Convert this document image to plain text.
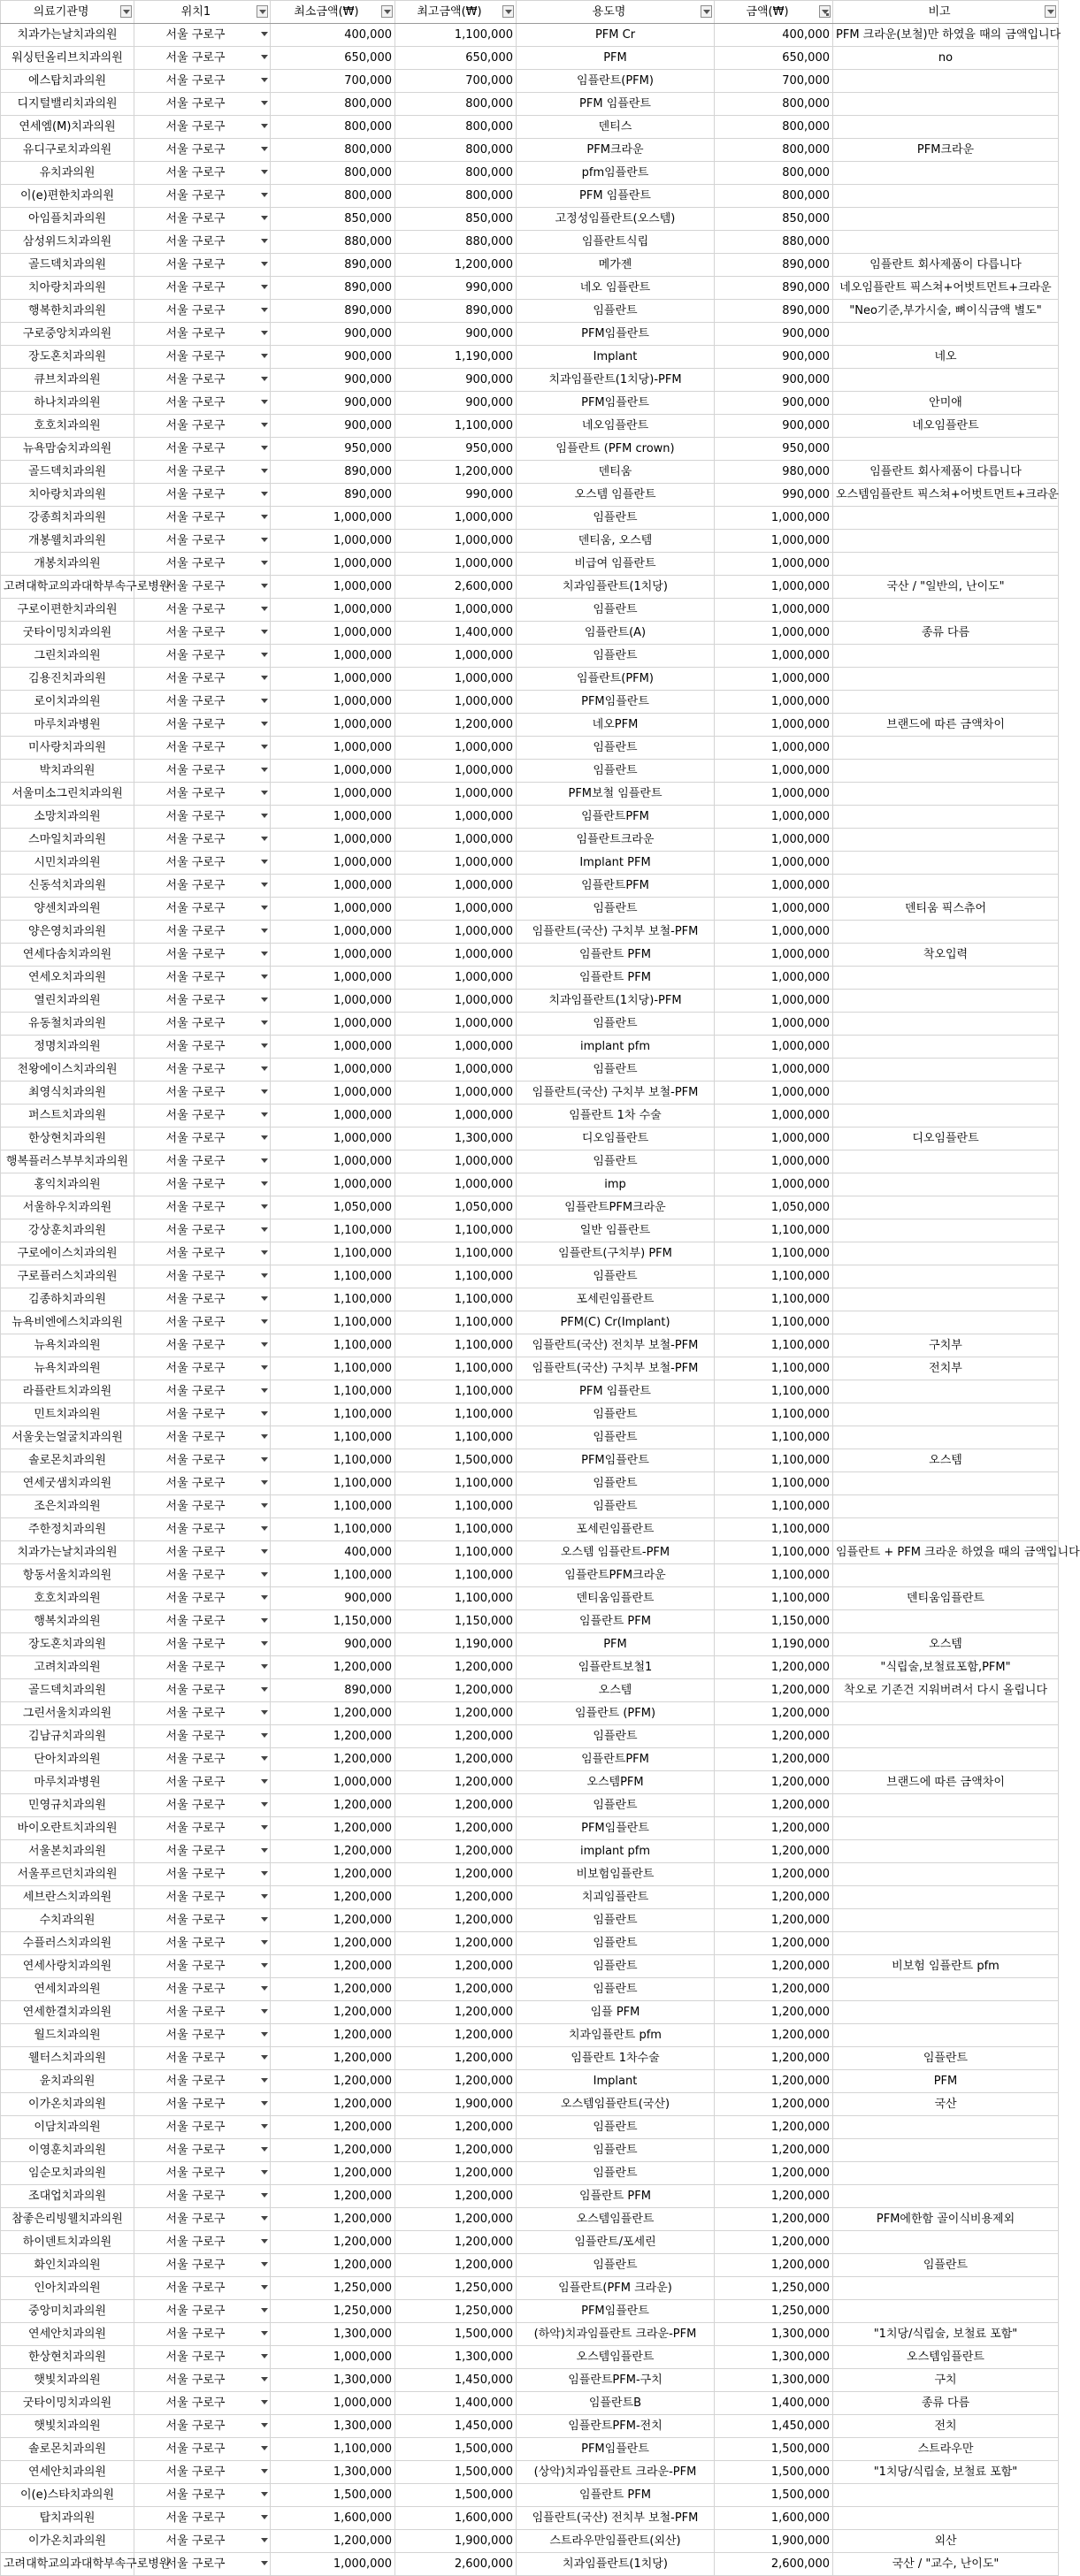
의료기관명	위치1	최소금액(₩)	최고금액(₩)	용도명	금액(₩)	비고

치과가는날치과의원	서울 구로구	400,000	1,100,000	PFM Cr	400,000	PFM 크라운(보철)만 하였을 때의 금액입니다
워싱턴올리브치과의원	서울 구로구	650,000	650,000	PFM	650,000	no
에스탑치과의원	서울 구로구	700,000	700,000	임플란트(PFM)	700,000	
디지털밸리치과의원	서울 구로구	800,000	800,000	PFM 임플란트	800,000	
연세엠(M)치과의원	서울 구로구	800,000	800,000	덴티스	800,000	
유디구로치과의원	서울 구로구	800,000	800,000	PFM크라운	800,000	PFM크라운
유치과의원	서울 구로구	800,000	800,000	pfm임플란트	800,000	
이(e)편한치과의원	서울 구로구	800,000	800,000	PFM 임플란트	800,000	
아임플치과의원	서울 구로구	850,000	850,000	고정성임플란트(오스템)	850,000	
삼성위드치과의원	서울 구로구	880,000	880,000	임플란트식립	880,000	
골드덱치과의원	서울 구로구	890,000	1,200,000	메가젠	890,000	임플란트 회사제품이 다릅니다
치아랑치과의원	서울 구로구	890,000	990,000	네오 임플란트	890,000	네오임플란트 픽스쳐+어벗트먼트+크라운
행복한치과의원	서울 구로구	890,000	890,000	임플란트	890,000	"Neo기준,부가시술, 뼈이식금액 별도"
구로중앙치과의원	서울 구로구	900,000	900,000	PFM임플란트	900,000	
장도혼치과의원	서울 구로구	900,000	1,190,000	Implant	900,000	네오
큐브치과의원	서울 구로구	900,000	900,000	치과임플란트(1치당)-PFM	900,000	
하나치과의원	서울 구로구	900,000	900,000	PFM임플란트	900,000	안미애
호호치과의원	서울 구로구	900,000	1,100,000	네오임플란트	900,000	네오임플란트
뉴욕맘숨치과의원	서울 구로구	950,000	950,000	임플란트 (PFM crown)	950,000	
골드덱치과의원	서울 구로구	890,000	1,200,000	덴티움	980,000	임플란트 회사제품이 다릅니다
치아랑치과의원	서울 구로구	890,000	990,000	오스템 임플란트	990,000	오스템임플란트 픽스쳐+어벗트먼트+크라운
강종희치과의원	서울 구로구	1,000,000	1,000,000	임플란트	1,000,000	
개봉웰치과의원	서울 구로구	1,000,000	1,000,000	덴티움, 오스템	1,000,000	
개봉치과의원	서울 구로구	1,000,000	1,000,000	비급여 임플란트	1,000,000	
고려대학교의과대학부속구로병원	서울 구로구	1,000,000	2,600,000	치과임플란트(1치당)	1,000,000	국산 / "일반의, 난이도"
구로이편한치과의원	서울 구로구	1,000,000	1,000,000	임플란트	1,000,000	
굿타이밍치과의원	서울 구로구	1,000,000	1,400,000	임플란트(A)	1,000,000	종류 다름
그린치과의원	서울 구로구	1,000,000	1,000,000	임플란트	1,000,000	
김용진치과의원	서울 구로구	1,000,000	1,000,000	임플란트(PFM)	1,000,000	
로이치과의원	서울 구로구	1,000,000	1,000,000	PFM임플란트	1,000,000	
마루치과병원	서울 구로구	1,000,000	1,200,000	네오PFM	1,000,000	브랜드에 따른 금액차이
미사랑치과의원	서울 구로구	1,000,000	1,000,000	임플란트	1,000,000	
박치과의원	서울 구로구	1,000,000	1,000,000	임플란트	1,000,000	
서울미소그린치과의원	서울 구로구	1,000,000	1,000,000	PFM보철 임플란트	1,000,000	
소망치과의원	서울 구로구	1,000,000	1,000,000	임플란트PFM	1,000,000	
스마일치과의원	서울 구로구	1,000,000	1,000,000	임플란트크라운	1,000,000	
시민치과의원	서울 구로구	1,000,000	1,000,000	Implant PFM	1,000,000	
신동석치과의원	서울 구로구	1,000,000	1,000,000	임플란트PFM	1,000,000	
양센치과의원	서울 구로구	1,000,000	1,000,000	임플란트	1,000,000	덴티움 픽스츄어
양은영치과의원	서울 구로구	1,000,000	1,000,000	임플란트(국산) 구치부 보철-PFM	1,000,000	
연세다솜치과의원	서울 구로구	1,000,000	1,000,000	임플란트 PFM	1,000,000	착오입력
연세오치과의원	서울 구로구	1,000,000	1,000,000	임플란트 PFM	1,000,000	
열린치과의원	서울 구로구	1,000,000	1,000,000	치과임플란트(1치당)-PFM	1,000,000	
유동철치과의원	서울 구로구	1,000,000	1,000,000	임플란트	1,000,000	
정명치과의원	서울 구로구	1,000,000	1,000,000	implant pfm	1,000,000	
천왕에이스치과의원	서울 구로구	1,000,000	1,000,000	임플란트	1,000,000	
최영식치과의원	서울 구로구	1,000,000	1,000,000	임플란트(국산) 구치부 보철-PFM	1,000,000	
퍼스트치과의원	서울 구로구	1,000,000	1,000,000	임플란트 1차 수술	1,000,000	
한상현치과의원	서울 구로구	1,000,000	1,300,000	디오임플란트	1,000,000	디오임플란트
행복플러스부부치과의원	서울 구로구	1,000,000	1,000,000	임플란트	1,000,000	
홍익치과의원	서울 구로구	1,000,000	1,000,000	imp	1,000,000	
서울하우치과의원	서울 구로구	1,050,000	1,050,000	임플란트PFM크라운	1,050,000	
강상훈치과의원	서울 구로구	1,100,000	1,100,000	일반 임플란트	1,100,000	
구로에이스치과의원	서울 구로구	1,100,000	1,100,000	임플란트(구치부) PFM	1,100,000	
구로플러스치과의원	서울 구로구	1,100,000	1,100,000	임플란트	1,100,000	
김종하치과의원	서울 구로구	1,100,000	1,100,000	포세린임플란트	1,100,000	
뉴욕비엔에스치과의원	서울 구로구	1,100,000	1,100,000	PFM(C) Cr(Implant)	1,100,000	
뉴욕치과의원	서울 구로구	1,100,000	1,100,000	임플란트(국산) 전치부 보철-PFM	1,100,000	구치부
뉴욕치과의원	서울 구로구	1,100,000	1,100,000	임플란트(국산) 구치부 보철-PFM	1,100,000	전치부
라플란트치과의원	서울 구로구	1,100,000	1,100,000	PFM 임플란트	1,100,000	
민트치과의원	서울 구로구	1,100,000	1,100,000	임플란트	1,100,000	
서울웃는얼굴치과의원	서울 구로구	1,100,000	1,100,000	임플란트	1,100,000	
솔로몬치과의원	서울 구로구	1,100,000	1,500,000	PFM임플란트	1,100,000	오스템
연세굿샘치과의원	서울 구로구	1,100,000	1,100,000	임플란트	1,100,000	
조은치과의원	서울 구로구	1,100,000	1,100,000	임플란트	1,100,000	
주한정치과의원	서울 구로구	1,100,000	1,100,000	포세린임플란트	1,100,000	
치과가는날치과의원	서울 구로구	400,000	1,100,000	오스템 임플란트-PFM	1,100,000	임플란트 + PFM 크라운 하였을 때의 금액입니다
항동서울치과의원	서울 구로구	1,100,000	1,100,000	임플란트PFM크라운	1,100,000	
호호치과의원	서울 구로구	900,000	1,100,000	덴티움임플란트	1,100,000	덴티움임플란트
행복치과의원	서울 구로구	1,150,000	1,150,000	임플란트 PFM	1,150,000	
장도혼치과의원	서울 구로구	900,000	1,190,000	PFM	1,190,000	오스템
고려치과의원	서울 구로구	1,200,000	1,200,000	임플란트보철1	1,200,000	"식립술,보철료포함,PFM"
골드덱치과의원	서울 구로구	890,000	1,200,000	오스템	1,200,000	착오로 기존건 지워버려서 다시 올립니다
그린서울치과의원	서울 구로구	1,200,000	1,200,000	임플란트 (PFM)	1,200,000	
김남규치과의원	서울 구로구	1,200,000	1,200,000	임플란트	1,200,000	
단아치과의원	서울 구로구	1,200,000	1,200,000	임플란트PFM	1,200,000	
마루치과병원	서울 구로구	1,000,000	1,200,000	오스템PFM	1,200,000	브랜드에 따른 금액차이
민영규치과의원	서울 구로구	1,200,000	1,200,000	임플란트	1,200,000	
바이오란트치과의원	서울 구로구	1,200,000	1,200,000	PFM임플란트	1,200,000	
서울본치과의원	서울 구로구	1,200,000	1,200,000	implant pfm	1,200,000	
서울푸르던치과의원	서울 구로구	1,200,000	1,200,000	비보험임플란트	1,200,000	
세브란스치과의원	서울 구로구	1,200,000	1,200,000	치괴임플란트	1,200,000	
수치과의원	서울 구로구	1,200,000	1,200,000	임플란트	1,200,000	
수플러스치과의원	서울 구로구	1,200,000	1,200,000	임플란트	1,200,000	
연세사랑치과의원	서울 구로구	1,200,000	1,200,000	임플란트	1,200,000	비보험 임플란트 pfm
연세치과의원	서울 구로구	1,200,000	1,200,000	임플란트	1,200,000	
연세한결치과의원	서울 구로구	1,200,000	1,200,000	임플 PFM	1,200,000	
월드치과의원	서울 구로구	1,200,000	1,200,000	치과임플란트 pfm	1,200,000	
웰터스치과의원	서울 구로구	1,200,000	1,200,000	임플란트 1차수술	1,200,000	임플란트
윤치과의원	서울 구로구	1,200,000	1,200,000	Implant	1,200,000	PFM
이가온치과의원	서울 구로구	1,200,000	1,900,000	오스템임플란트(국산)	1,200,000	국산
이담치과의원	서울 구로구	1,200,000	1,200,000	임플란트	1,200,000	
이영훈치과의원	서울 구로구	1,200,000	1,200,000	임플란트	1,200,000	
임순모치과의원	서울 구로구	1,200,000	1,200,000	임플란트	1,200,000	
조대업치과의원	서울 구로구	1,200,000	1,200,000	임플란트 PFM	1,200,000	
참좋은리빙웰치과의원	서울 구로구	1,200,000	1,200,000	오스템임플란트	1,200,000	PFM에한함 골이식비용제외
하이덴트치과의원	서울 구로구	1,200,000	1,200,000	임플란트/포세린	1,200,000	
화인치과의원	서울 구로구	1,200,000	1,200,000	임플란트	1,200,000	임플란트
인아치과의원	서울 구로구	1,250,000	1,250,000	임플란트(PFM 크라운)	1,250,000	
중앙미치과의원	서울 구로구	1,250,000	1,250,000	PFM임플란트	1,250,000	
연세안치과의원	서울 구로구	1,300,000	1,500,000	(하악)치과임플란트 크라운-PFM	1,300,000	"1치당/식립술, 보철료 포함"
한상현치과의원	서울 구로구	1,000,000	1,300,000	오스템임플란트	1,300,000	오스템임플란트
햇빛치과의원	서울 구로구	1,300,000	1,450,000	임플란트PFM-구치	1,300,000	구치
굿타이밍치과의원	서울 구로구	1,000,000	1,400,000	임플란트B	1,400,000	종류 다름
햇빛치과의원	서울 구로구	1,300,000	1,450,000	임플란트PFM-전치	1,450,000	전치
솔로몬치과의원	서울 구로구	1,100,000	1,500,000	PFM임플란트	1,500,000	스트라우만
연세안치과의원	서울 구로구	1,300,000	1,500,000	(상악)치과임플란트 크라운-PFM	1,500,000	"1치당/식립술, 보철료 포함"
이(e)스타치과의원	서울 구로구	1,500,000	1,500,000	임플란트 PFM	1,500,000	
탑치과의원	서울 구로구	1,600,000	1,600,000	임플란트(국산) 전치부 보철-PFM	1,600,000	
이가온치과의원	서울 구로구	1,200,000	1,900,000	스트라우만임플란트(외산)	1,900,000	외산
고려대학교의과대학부속구로병원	서울 구로구	1,000,000	2,600,000	치과임플란트(1치당)	2,600,000	국산 / "교수, 난이도"
